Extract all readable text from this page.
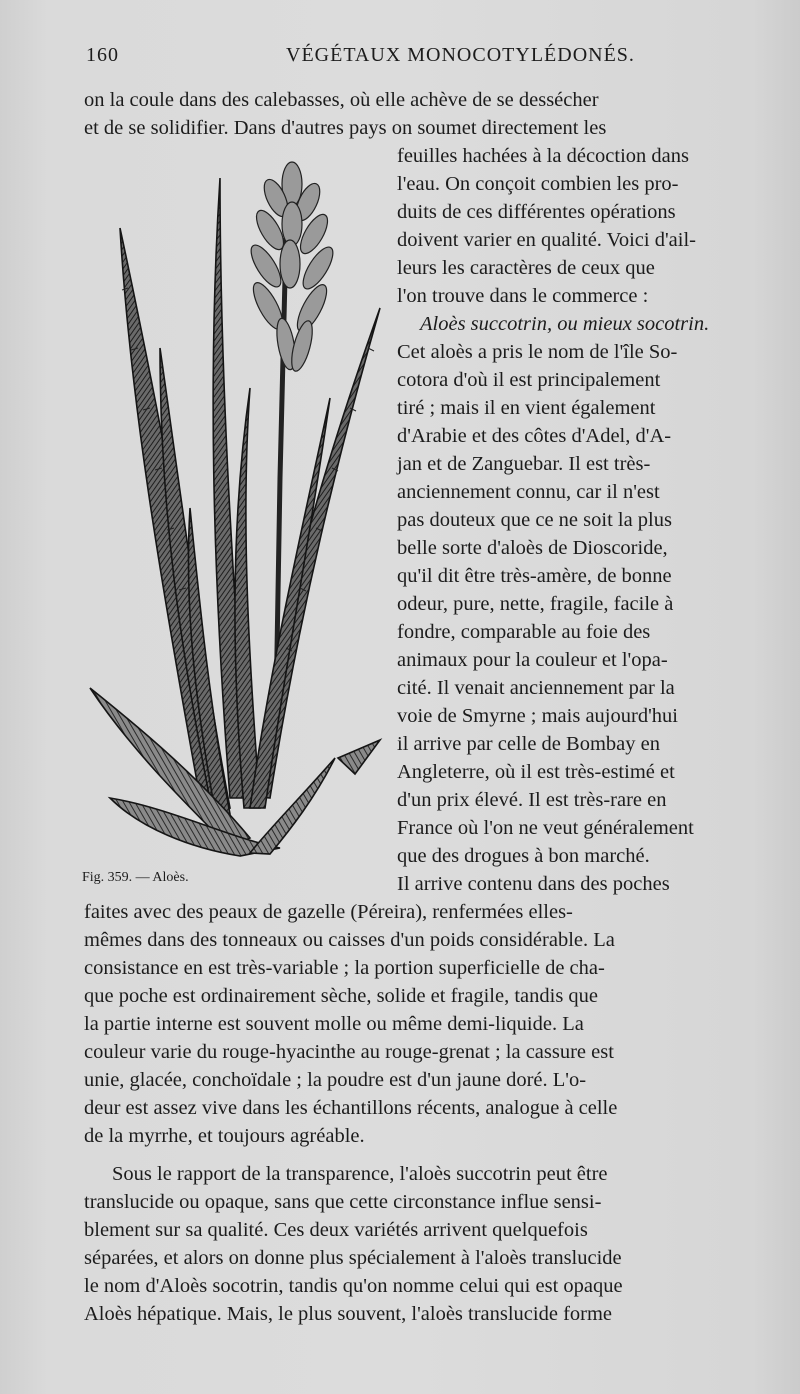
160	VÉGÉTAUX MONOCOTYLÉDONÉS.
on la coule dans des calebasses, où elle achève de se dessécher
et de se solidifier. Dans d'autres pays on soumet directement les
feuilles hachées à la décoction dans
l'eau. On conçoit combien les pro-
duits de ces différentes opérations
doivent varier en qualité. Voici d'ail-
leurs les caractères de ceux que
l'on trouve dans le commerce :
Aloès succotrin, ou mieux socotrin.
Cet aloès a pris le nom de l'île So-
cotora d'où il est principalement
tiré ; mais il en vient également
d'Arabie et des côtes d'Adel, d'A-
jan et de Zanguebar. Il est très-
anciennement connu, car il n'est
pas douteux que ce ne soit la plus
belle sorte d'aloès de Dioscoride,
qu'il dit être très-amère, de bonne
odeur, pure, nette, fragile, facile à
fondre, comparable au foie des
animaux pour la couleur et l'opa-
cité. Il venait anciennement par la
voie de Smyrne ; mais aujourd'hui
il arrive par celle de Bombay en
Angleterre, où il est très-estimé et
d'un prix élevé. Il est très-rare en
France où l'on ne veut généralement
que des drogues à bon marché.
Il arrive contenu dans des poches
faites avec des peaux de gazelle (Péreira), renfermées elles-
mêmes dans des tonneaux ou caisses d'un poids considérable. La
consistance en est très-variable ; la portion superficielle de cha-
que poche est ordinairement sèche, solide et fragile, tandis que
la partie interne est souvent molle ou même demi-liquide. La
couleur varie du rouge-hyacinthe au rouge-grenat ; la cassure est
unie, glacée, conchoïdale ; la poudre est d'un jaune doré. L'o-
deur est assez vive dans les échantillons récents, analogue à celle
de la myrrhe, et toujours agréable.
Sous le rapport de la transparence, l'aloès succotrin peut être
translucide ou opaque, sans que cette circonstance influe sensi-
blement sur sa qualité. Ces deux variétés arrivent quelquefois
séparées, et alors on donne plus spécialement à l'aloès translucide
le nom d'Aloès socotrin, tandis qu'on nomme celui qui est opaque
Aloès hépatique. Mais, le plus souvent, l'aloès translucide forme
Fig. 359. — Aloès.
